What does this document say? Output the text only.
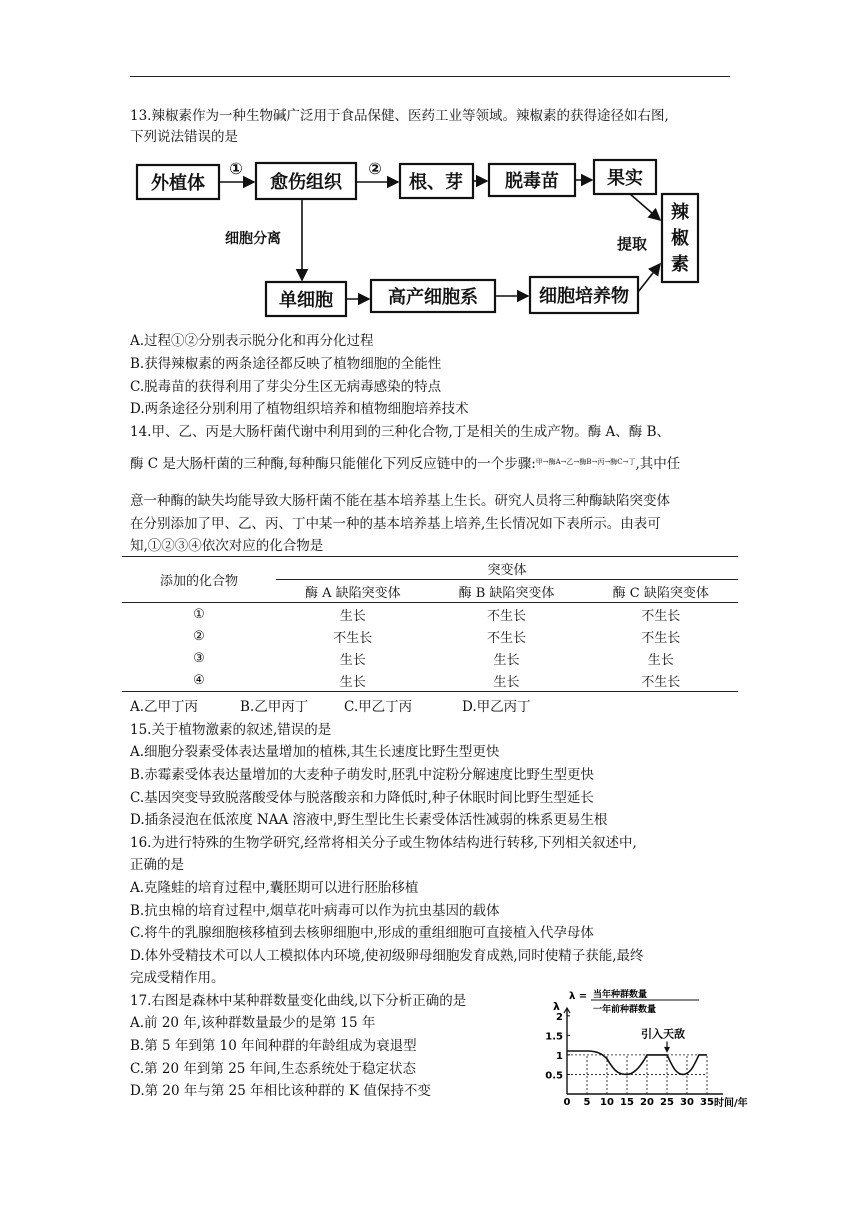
13.辣椒素作为一种生物碱广泛用于食品保健、医药工业等领域。辣椒素的获得途径如右图,
下列说法错误的是
外植体	愈伤组织	根、芽 脱毒苗	果实
单细胞	高产细胞系	细胞培养物
①	②
细胞分离	提取
辣
椒
素
A.过程①②分别表示脱分化和再分化过程
B.获得辣椒素的两条途径都反映了植物细胞的全能性
C.脱毒苗的获得利用了芽尖分生区无病毒感染的特点
D.两条途径分别利用了植物组织培养和植物细胞培养技术
14.甲、乙、丙是大肠杆菌代谢中利用到的三种化合物,丁是相关的生成产物。酶 A、酶 B、
酶 C 是大肠杆菌的三种酶,每种酶只能催化下列反应链中的一个步骤:$^{甲\to 酶A\to 乙\to 酶B\to 丙\to 酶C\to 丁}$,其中任
意一种酶的缺失均能导致大肠杆菌不能在基本培养基上生长。研究人员将三种酶缺陷突变体
在分别添加了甲、乙、丙、丁中某一种的基本培养基上培养,生长情况如下表所示。由表可
知,①②③④依次对应的化合物是
添加的化合物	突变体		
	酶 A 缺陷突变体	酶 B 缺陷突变体	酶 C 缺陷突变体
①	生长	不生长	不生长
②	不生长	不生长	不生长
③	生长	生长	生长
④	生长	生长	不生长
A.乙甲丁丙	B.乙甲丙丁	C.甲乙丁丙	D.甲乙丙丁
15.关于植物激素的叙述,错误的是
A.细胞分裂素受体表达量增加的植株,其生长速度比野生型更快
B.赤霉素受体表达量增加的大麦种子萌发时,胚乳中淀粉分解速度比野生型更快
C.基因突变导致脱落酸受体与脱落酸亲和力降低时,种子休眠时间比野生型延长
D.插条浸泡在低浓度 NAA 溶液中,野生型比生长素受体活性减弱的株系更易生根
16.为进行特殊的生物学研究,经常将相关分子或生物体结构进行转移,下列相关叙述中,
正确的是
A.克隆蛙的培育过程中,囊胚期可以进行胚胎移植
B.抗虫棉的培育过程中,烟草花叶病毒可以作为抗虫基因的载体
C.将牛的乳腺细胞核移植到去核卵细胞中,形成的重组细胞可直接植入代孕母体
D.体外受精技术可以人工模拟体内环境,使初级卵母细胞发育成熟,同时使精子获能,最终
完成受精作用。
17.右图是森林中某种群数量变化曲线,以下分析正确的是
A.前 20 年,该种群数量最少的是第 15 年
B.第 5 年到第 10 年间种群的年龄组成为衰退型
C.第 20 年到第 25 年间,生态系统处于稳定状态
D.第 20 年与第 25 年相比该种群的 K 值保持不变
λ
λ = 当年种群数量
一年前种群数量
0.5
1
1.5
2
0 5 10 15 20 25 30 35 时间/年
引入天敌
